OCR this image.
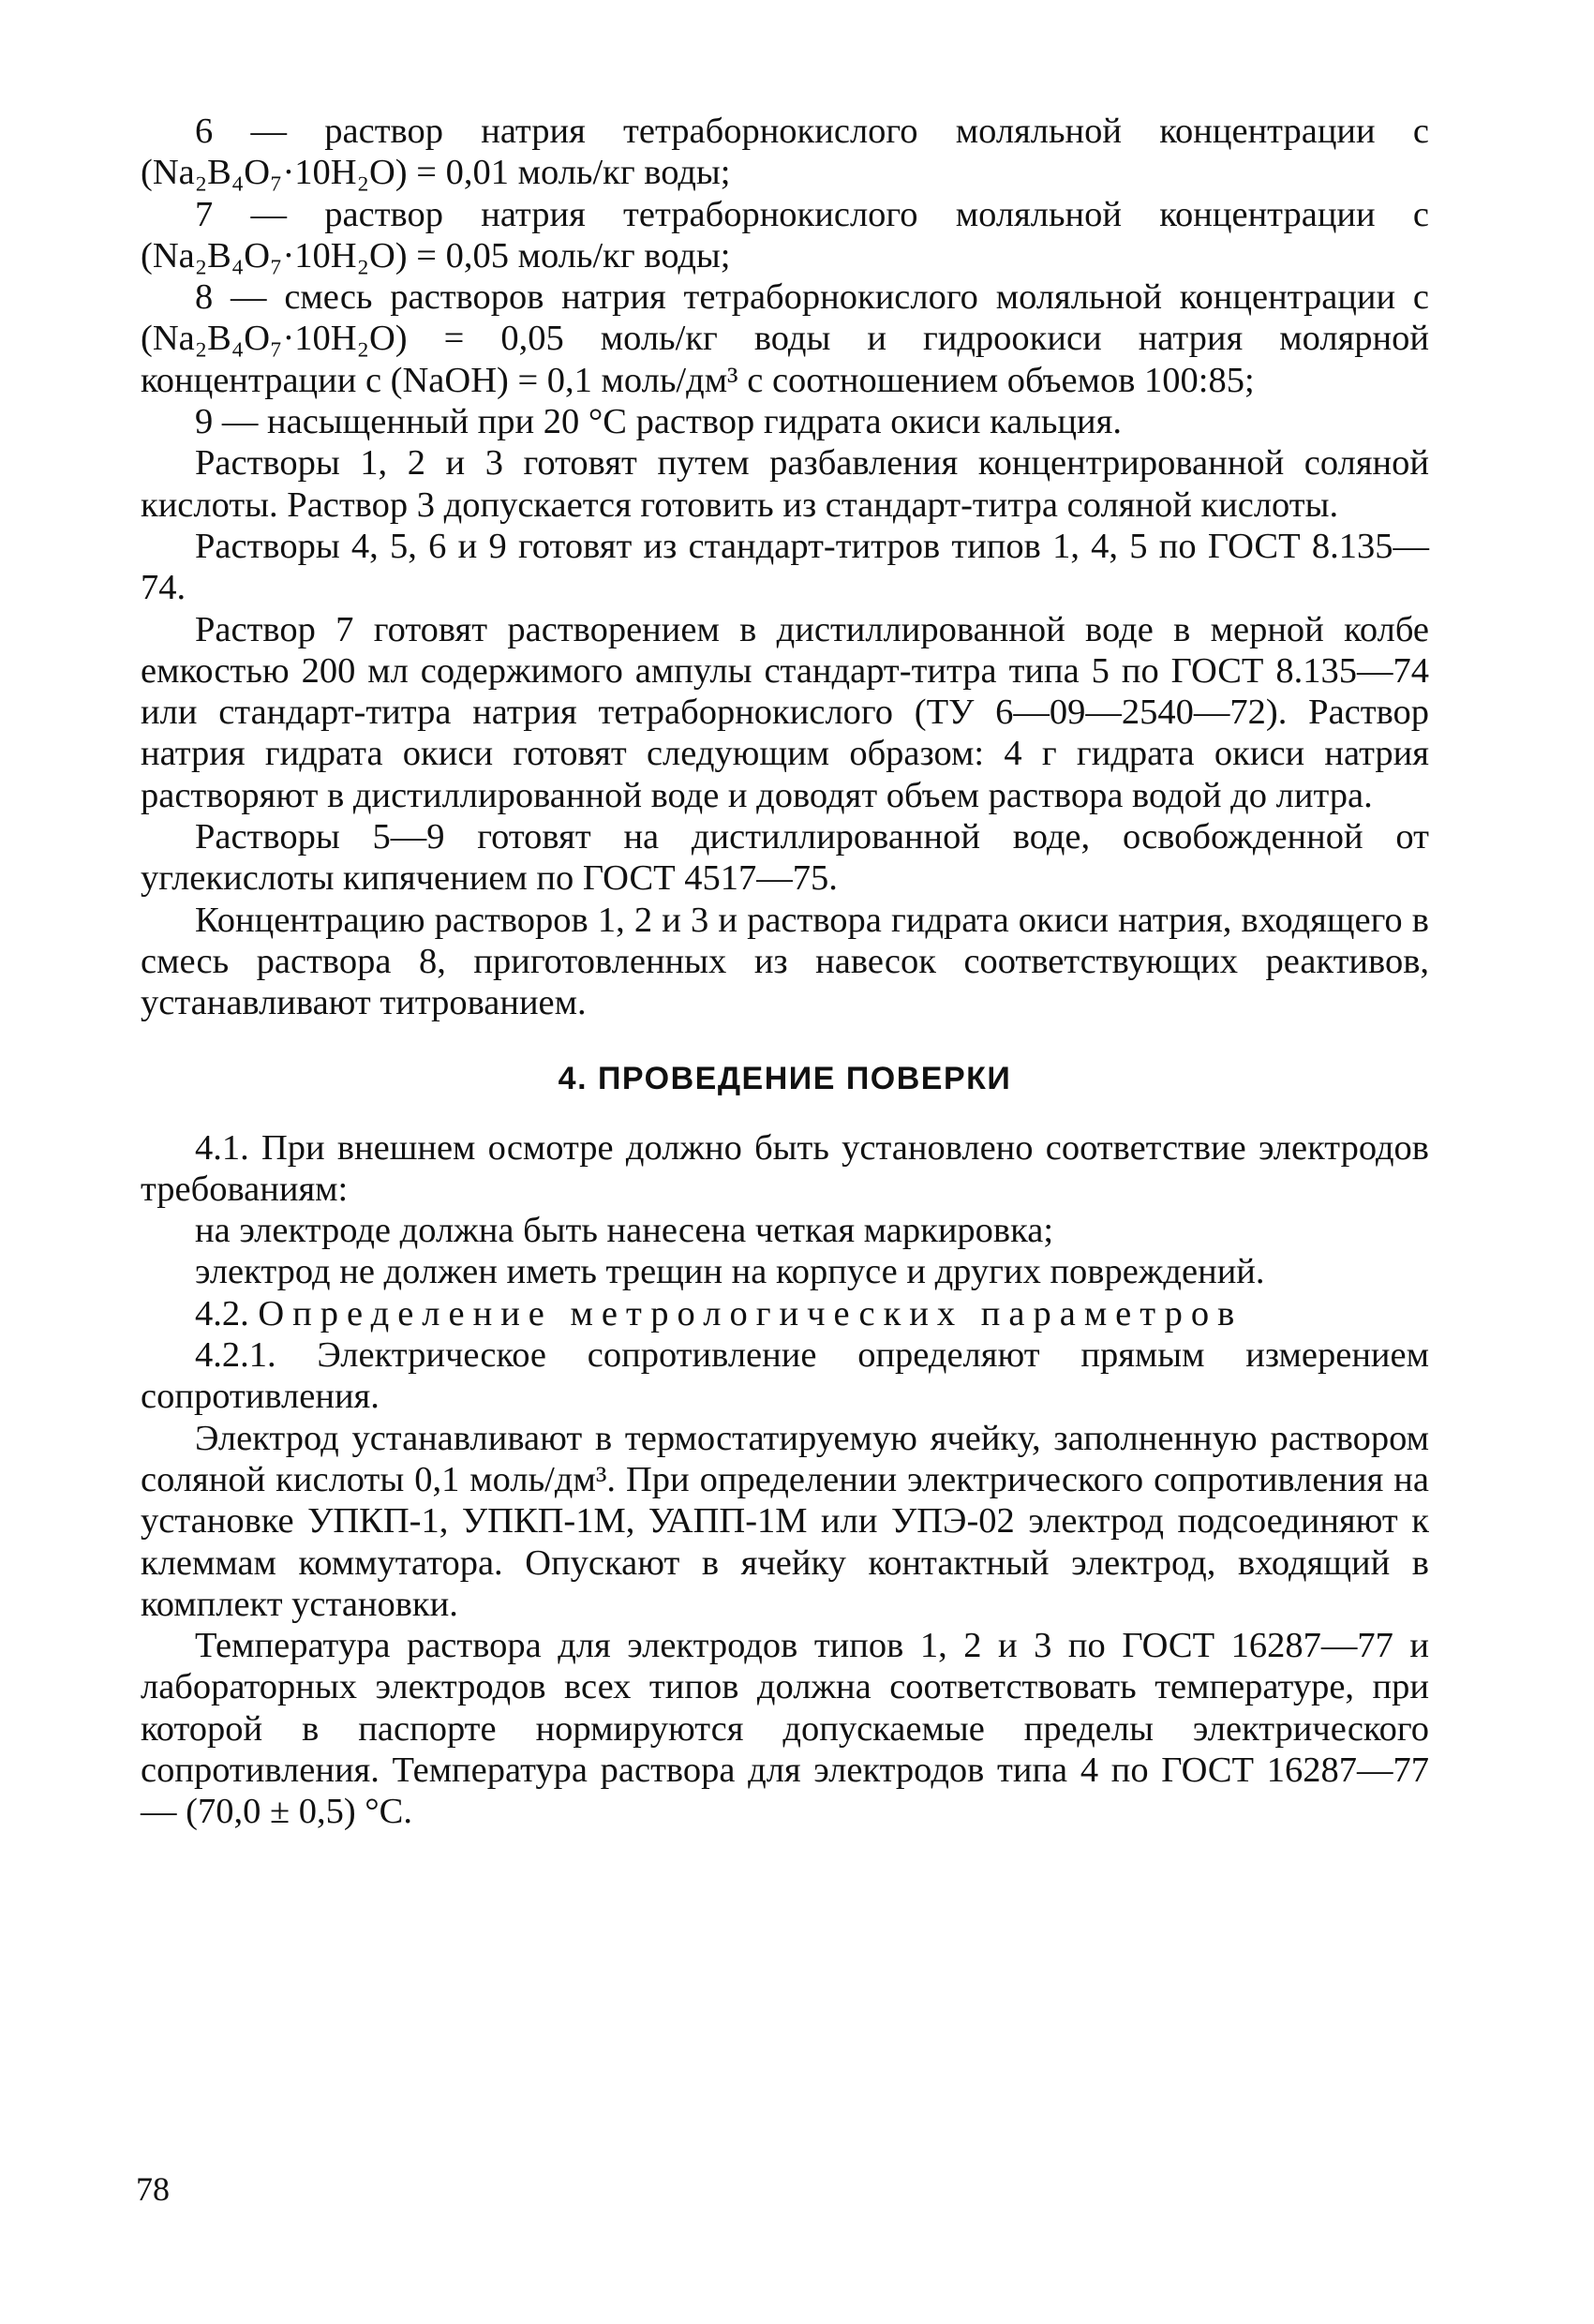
6 — раствор натрия тетраборнокислого моляльной концентрации c (Na₂B₄O₇·10H₂O) = 0,01 моль/кг воды;

7 — раствор натрия тетраборнокислого моляльной концентрации c (Na₂B₄O₇·10H₂O) = 0,05 моль/кг воды;

8 — смесь растворов натрия тетраборнокислого моляльной концентрации c (Na₂B₄O₇·10H₂O) = 0,05 моль/кг воды и гидроокиси натрия молярной концентрации c (NaOH) = 0,1 моль/дм³ с соотношением объемов 100:85;

9 — насыщенный при 20 °С раствор гидрата окиси кальция.

Растворы 1, 2 и 3 готовят путем разбавления концентрированной соляной кислоты. Раствор 3 допускается готовить из стандарт-титра соляной кислоты.

Растворы 4, 5, 6 и 9 готовят из стандарт-титров типов 1, 4, 5 по ГОСТ 8.135—74.

Раствор 7 готовят растворением в дистиллированной воде в мерной колбе емкостью 200 мл содержимого ампулы стандарт-титра типа 5 по ГОСТ 8.135—74 или стандарт-титра натрия тетраборнокислого (ТУ 6—09—2540—72). Раствор натрия гидрата окиси готовят следующим образом: 4 г гидрата окиси натрия растворяют в дистиллированной воде и доводят объем раствора водой до литра.

Растворы 5—9 готовят на дистиллированной воде, освобожденной от углекислоты кипячением по ГОСТ 4517—75.

Концентрацию растворов 1, 2 и 3 и раствора гидрата окиси натрия, входящего в смесь раствора 8, приготовленных из навесок соответствующих реактивов, устанавливают титрованием.

4. ПРОВЕДЕНИЕ ПОВЕРКИ

4.1. При внешнем осмотре должно быть установлено соответствие электродов требованиям:

на электроде должна быть нанесена четкая маркировка;

электрод не должен иметь трещин на корпусе и других повреждений.

4.2. Определение метрологических параметров

4.2.1. Электрическое сопротивление определяют прямым измерением сопротивления.

Электрод устанавливают в термостатируемую ячейку, заполненную раствором соляной кислоты 0,1 моль/дм³. При определении электрического сопротивления на установке УПКП-1, УПКП-1М, УАПП-1М или УПЭ-02 электрод подсоединяют к клеммам коммутатора. Опускают в ячейку контактный электрод, входящий в комплект установки.

Температура раствора для электродов типов 1, 2 и 3 по ГОСТ 16287—77 и лабораторных электродов всех типов должна соответствовать температуре, при которой в паспорте нормируются допускаемые пределы электрического сопротивления. Температура раствора для электродов типа 4 по ГОСТ 16287—77 — (70,0 ± 0,5) °С.

78
